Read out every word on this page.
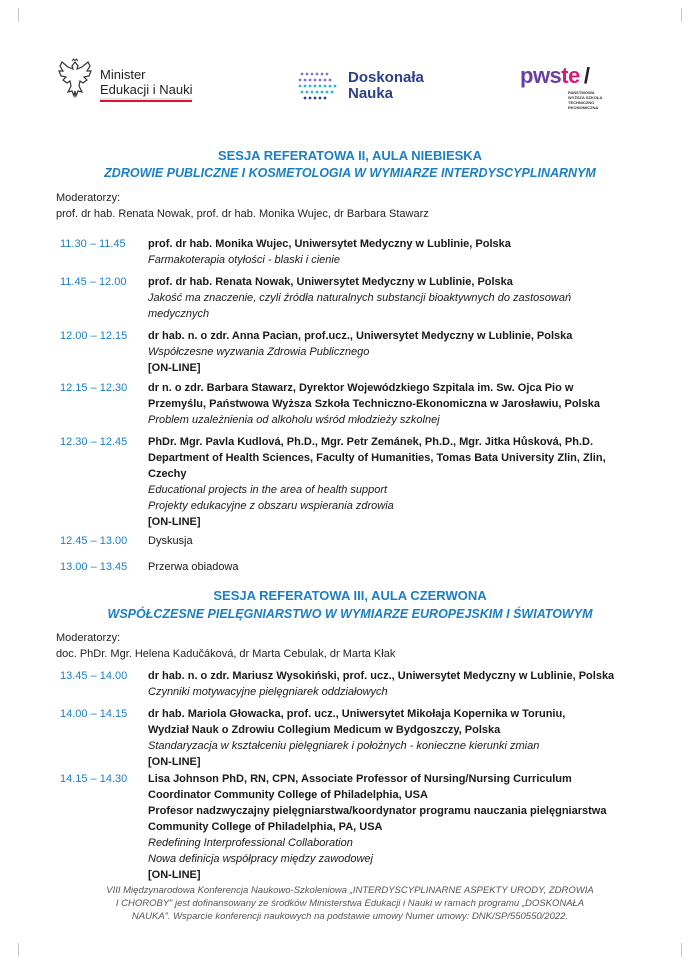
Minister
Edukacji i Nauki
Doskonała
Nauka
pwste /
PAŃSTWOWA WYŻSZA SZKOŁA TECHNICZNO EKONOMICZNA
SESJA REFERATOWA II, AULA NIEBIESKA
ZDROWIE PUBLICZNE I KOSMETOLOGIA W WYMIARZE INTERDYSCYPLINARNYM
Moderatorzy:
prof. dr hab. Renata Nowak, prof. dr hab. Monika Wujec, dr Barbara Stawarz
11.30 – 11.45	prof. dr hab. Monika Wujec, Uniwersytet Medyczny w Lublinie, Polska
Farmakoterapia otyłości - blaski i cienie
11.45 – 12.00	prof. dr hab. Renata Nowak, Uniwersytet Medyczny w Lublinie, Polska
Jakość ma znaczenie, czyli źródła naturalnych substancji bioaktywnych do zastosowań
medycznych
12.00 – 12.15	dr hab. n. o zdr. Anna Pacian, prof.ucz., Uniwersytet Medyczny w Lublinie, Polska
Współczesne wyzwania Zdrowia Publicznego
[ON-LINE]
12.15 – 12.30	dr n. o zdr. Barbara Stawarz, Dyrektor Wojewódzkiego Szpitala im. Sw. Ojca Pio w
Przemyślu, Państwowa Wyższa Szkoła Techniczno-Ekonomiczna w Jarosławiu, Polska
Problem uzależnienia od alkoholu wśród młodzieży szkolnej
12.30 – 12.45	PhDr. Mgr. Pavla Kudlová, Ph.D., Mgr. Petr Zemánek, Ph.D., Mgr. Jitka Hůsková, Ph.D.
Department of Health Sciences, Faculty of Humanities, Tomas Bata University Zlin, Zlin,
Czechy
Educational projects in the area of health support
Projekty edukacyjne z obszaru wspierania zdrowia
[ON-LINE]
12.45 – 13.00	Dyskusja
13.00 – 13.45	Przerwa obiadowa
SESJA REFERATOWA III, AULA CZERWONA
WSPÓŁCZESNE PIELĘGNIARSTWO W WYMIARZE EUROPEJSKIM I ŚWIATOWYM
Moderatorzy:
doc. PhDr. Mgr. Helena Kadučáková, dr Marta Cebulak, dr Marta Kłak
13.45 – 14.00	dr hab. n. o zdr. Mariusz Wysokiński, prof. ucz., Uniwersytet Medyczny w Lublinie, Polska
Czynniki motywacyjne pielęgniarek oddziałowych
14.00 – 14.15	dr hab. Mariola Głowacka, prof. ucz., Uniwersytet Mikołaja Kopernika w Toruniu,
Wydział Nauk o Zdrowiu Collegium Medicum w Bydgoszczy, Polska
Standaryzacja w kształceniu pielęgniarek i położnych - konieczne kierunki zmian
[ON-LINE]
14.15 – 14.30	Lisa Johnson PhD, RN, CPN, Associate Professor of Nursing/Nursing Curriculum
Coordinator Community College of Philadelphia, USA
Profesor nadzwyczajny pielęgniarstwa/koordynator programu nauczania pielęgniarstwa
Community College of Philadelphia, PA, USA
Redefining Interprofessional Collaboration
Nowa definicja współpracy między zawodowej
[ON-LINE]
VIII Międzynarodowa Konferencja Naukowo-Szkoleniowa „INTERDYSCYPLINARNE ASPEKTY URODY, ZDROWIA
I CHOROBY” jest dofinansowany ze środków Ministerstwa Edukacji i Nauki w ramach programu „DOSKONAŁA
NAUKA”. Wsparcie konferencji naukowych na podstawie umowy Numer umowy: DNK/SP/550550/2022.
